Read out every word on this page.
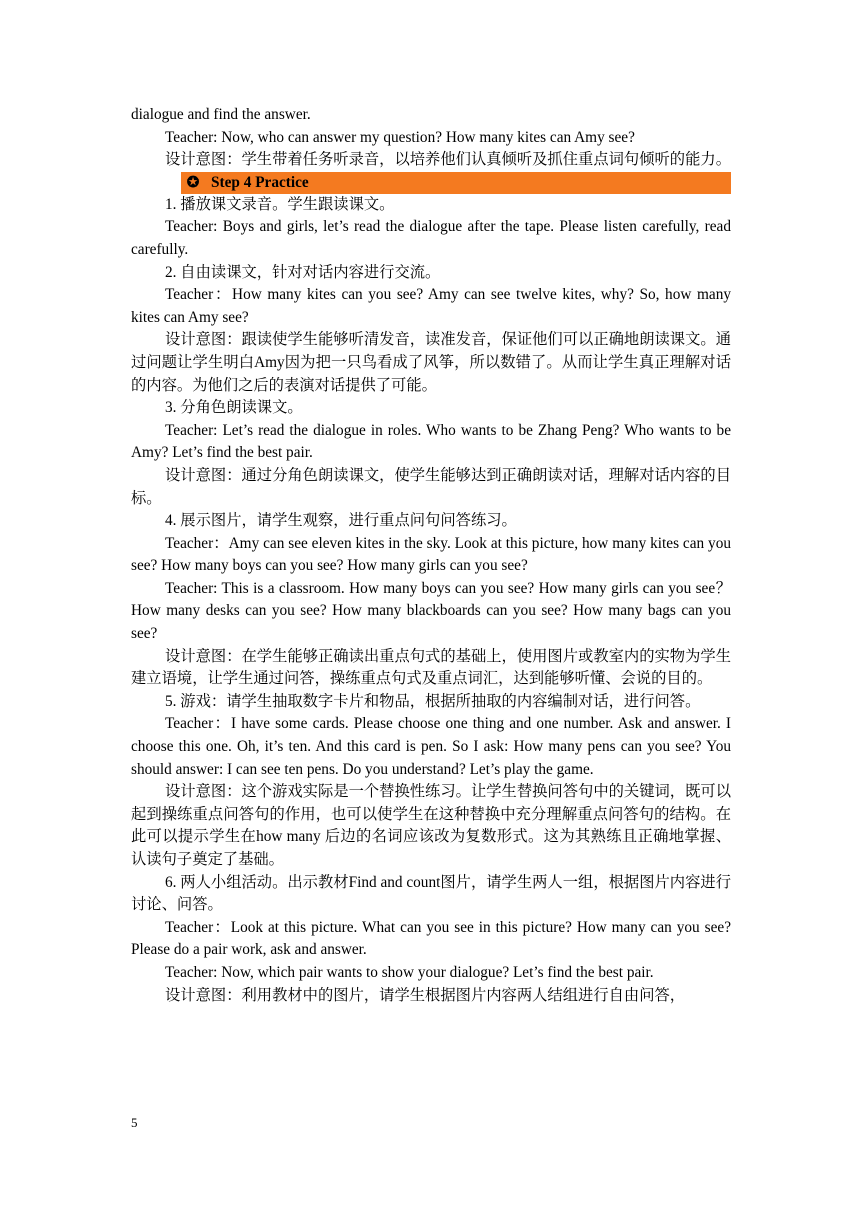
dialogue and find the answer.

Teacher: Now, who can answer my question? How many kites can Amy see?

设计意图：学生带着任务听录音，以培养他们认真倾听及抓住重点词句倾听的能力。

✪ Step 4 Practice

1. 播放课文录音。学生跟读课文。

Teacher: Boys and girls, let’s read the dialogue after the tape. Please listen carefully, read carefully.

2. 自由读课文，针对对话内容进行交流。

Teacher：How many kites can you see? Amy can see twelve kites, why? So, how many kites can Amy see?

设计意图：跟读使学生能够听清发音，读准发音，保证他们可以正确地朗读课文。通过问题让学生明白Amy因为把一只鸟看成了风筝，所以数错了。从而让学生真正理解对话的内容。为他们之后的表演对话提供了可能。

3. 分角色朗读课文。

Teacher: Let’s read the dialogue in roles. Who wants to be Zhang Peng? Who wants to be Amy? Let’s find the best pair.

设计意图：通过分角色朗读课文，使学生能够达到正确朗读对话，理解对话内容的目标。

4. 展示图片，请学生观察，进行重点问句问答练习。

Teacher：Amy can see eleven kites in the sky. Look at this picture, how many kites can you see? How many boys can you see? How many girls can you see?

Teacher: This is a classroom. How many boys can you see? How many girls can you see？How many desks can you see? How many blackboards can you see? How many bags can you see?

设计意图：在学生能够正确读出重点句式的基础上，使用图片或教室内的实物为学生建立语境，让学生通过问答，操练重点句式及重点词汇，达到能够听懂、会说的目的。

5. 游戏：请学生抽取数字卡片和物品，根据所抽取的内容编制对话，进行问答。

Teacher：I have some cards. Please choose one thing and one number. Ask and answer. I choose this one. Oh, it’s ten. And this card is pen. So I ask: How many pens can you see? You should answer: I can see ten pens. Do you understand? Let’s play the game.

设计意图：这个游戏实际是一个替换性练习。让学生替换问答句中的关键词，既可以起到操练重点问答句的作用，也可以使学生在这种替换中充分理解重点问答句的结构。在此可以提示学生在how many 后边的名词应该改为复数形式。这为其熟练且正确地掌握、认读句子奠定了基础。

6. 两人小组活动。出示教材Find and count图片，请学生两人一组，根据图片内容进行讨论、问答。

Teacher：Look at this picture. What can you see in this picture? How many can you see? Please do a pair work, ask and answer.

Teacher: Now, which pair wants to show your dialogue? Let’s find the best pair.

设计意图：利用教材中的图片，请学生根据图片内容两人结组进行自由问答，

5
